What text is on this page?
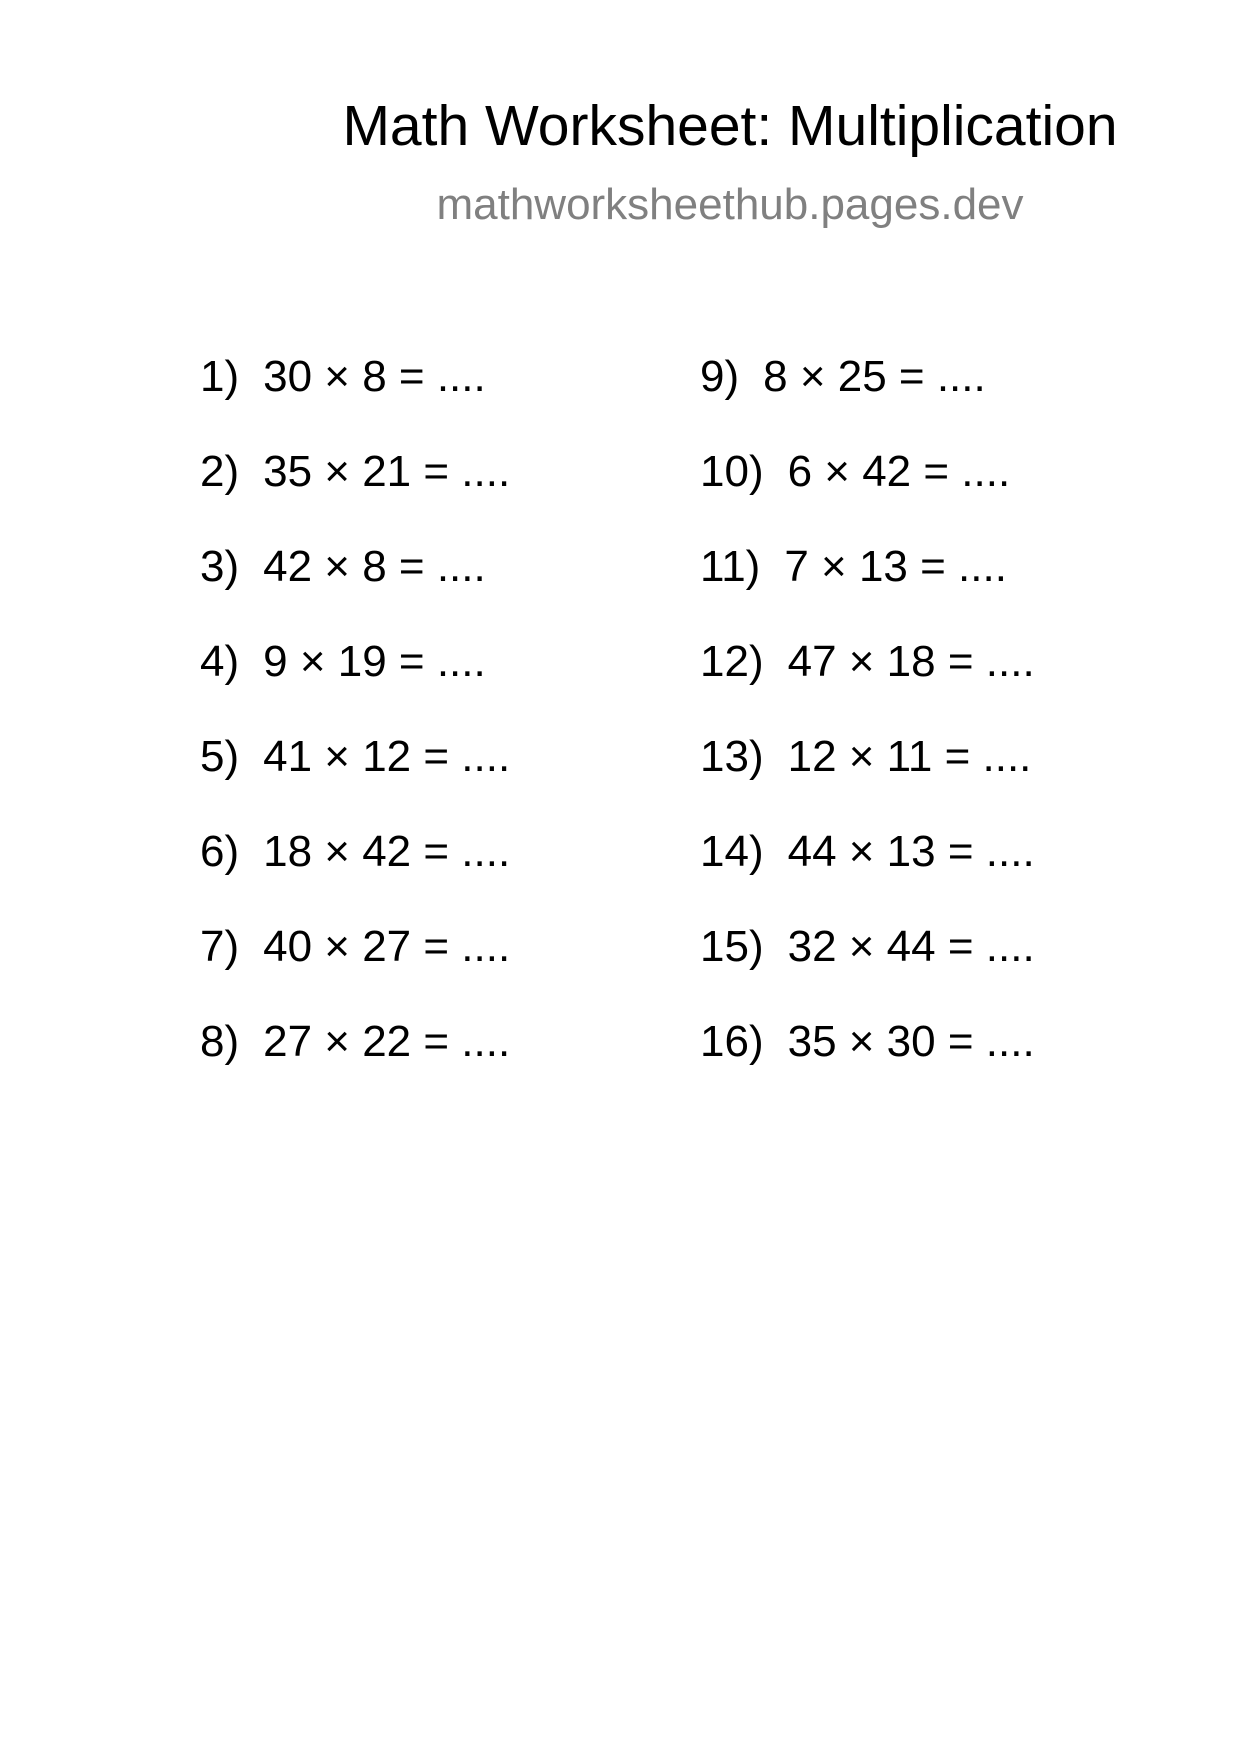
Math Worksheet: Multiplication
mathworksheethub.pages.dev
1) 30 × 8 = ....
2) 35 × 21 = ....
3) 42 × 8 = ....
4) 9 × 19 = ....
5) 41 × 12 = ....
6) 18 × 42 = ....
7) 40 × 27 = ....
8) 27 × 22 = ....
9) 8 × 25 = ....
10) 6 × 42 = ....
11) 7 × 13 = ....
12) 47 × 18 = ....
13) 12 × 11 = ....
14) 44 × 13 = ....
15) 32 × 44 = ....
16) 35 × 30 = ....
